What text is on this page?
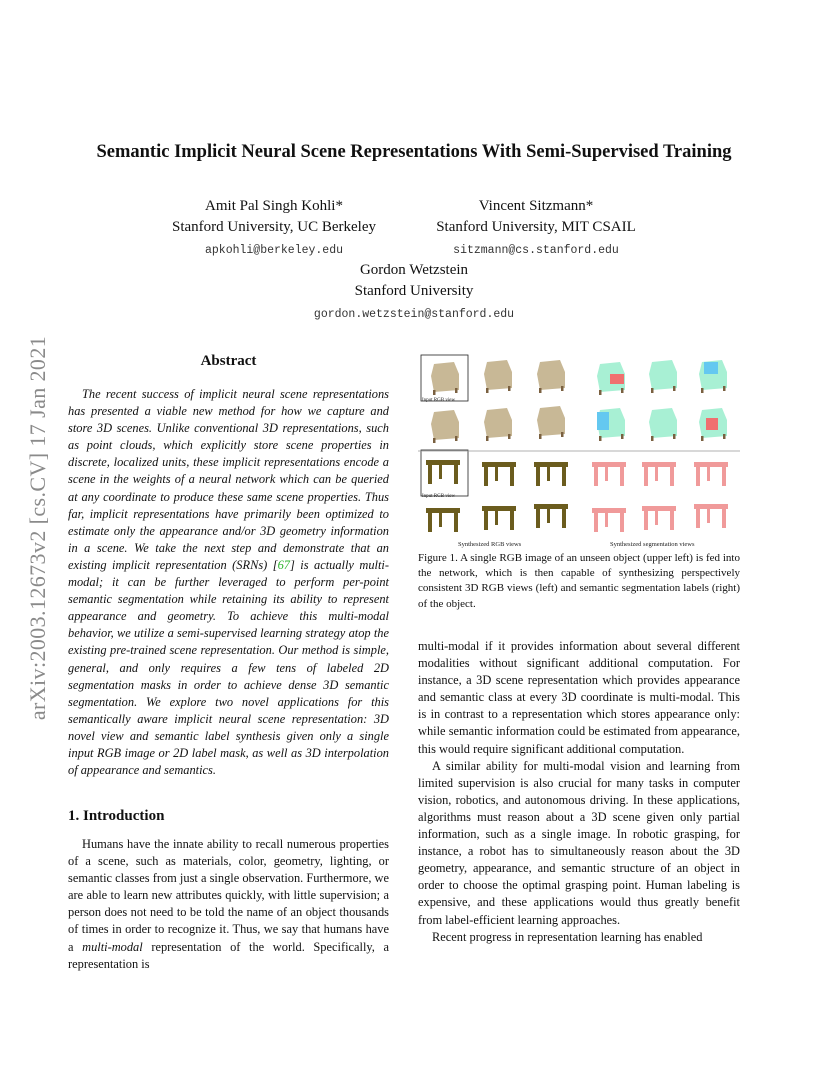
Semantic Implicit Neural Scene Representations With Semi-Supervised Training
Amit Pal Singh Kohli*
Stanford University, UC Berkeley
apkohli@berkeley.edu
Vincent Sitzmann*
Stanford University, MIT CSAIL
sitzmann@cs.stanford.edu
Gordon Wetzstein
Stanford University
gordon.wetzstein@stanford.edu
arXiv:2003.12673v2 [cs.CV] 17 Jan 2021	Abstract

The recent success of implicit neural scene representations has presented a viable new method for how we capture and store 3D scenes. Unlike conventional 3D representations, such as point clouds, which explicitly store scene properties in discrete, localized units, these implicit representations encode a scene in the weights of a neural network which can be queried at any coordinate to produce these same scene properties. Thus far, implicit representations have primarily been optimized to estimate only the appearance and/or 3D geometry information in a scene. We take the next step and demonstrate that an existing implicit representation (SRNs) [67] is actually multi-modal; it can be further leveraged to perform per-point semantic segmentation while retaining its ability to represent appearance and geometry. To achieve this multi-modal behavior, we utilize a semi-supervised learning strategy atop the existing pre-trained scene representation. Our method is simple, general, and only requires a few tens of labeled 2D segmentation masks in order to achieve dense 3D semantic segmentation. We explore two novel applications for this semantically aware implicit neural scene representation: 3D novel view and semantic label synthesis given only a single input RGB image or 2D label mask, as well as 3D interpolation of appearance and semantics.

1. Introduction

Humans have the innate ability to recall numerous properties of a scene, such as materials, color, geometry, lighting, or semantic classes from just a single observation. Furthermore, we are able to learn new attributes quickly, with little supervision; a person does not need to be told the name of an object thousands of times in order to recognize it. Thus, we say that humans have a multi-modal representation of the world. Specifically, a representation is

Input RGB view
Input RGB view
Synthesized RGB views	Synthesized segmentation views
Figure 1. A single RGB image of an unseen object (upper left) is fed into the network, which is then capable of synthesizing perspectively consistent 3D RGB views (left) and semantic segmentation labels (right) of the object.

multi-modal if it provides information about several different modalities without significant additional computation. For instance, a 3D scene representation which provides appearance and semantic class at every 3D coordinate is multi-modal. This is in contrast to a representation which stores appearance only: while semantic information could be estimated from appearance, this would require significant additional computation.

A similar ability for multi-modal vision and learning from limited supervision is also crucial for many tasks in computer vision, robotics, and autonomous driving. In these applications, algorithms must reason about a 3D scene given only partial information, such as a single image. In robotic grasping, for instance, a robot has to simultaneously reason about the 3D geometry, appearance, and semantic structure of an object in order to choose the optimal grasping point. Human labeling is expensive, and these applications would thus greatly benefit from label-efficient learning approaches.

Recent progress in representation learning has enabled
